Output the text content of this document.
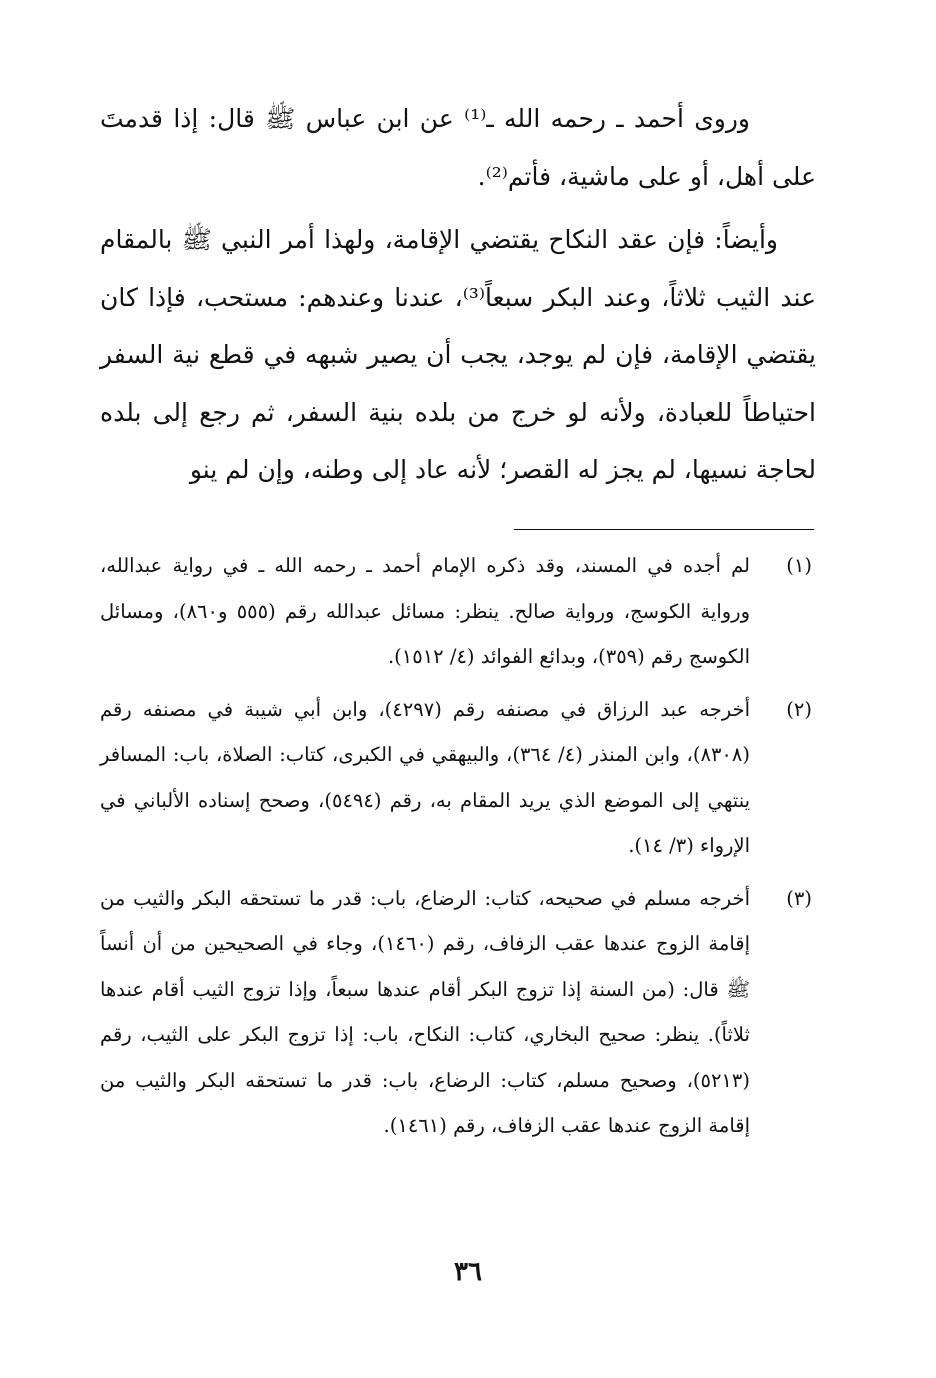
وروى أحمد ـ رحمه الله ـ⁽¹⁾ عن ابن عباس ﷺ قال: إذا قدمتَ على أهل، أو على ماشية، فأتم⁽²⁾.

وأيضاً: فإن عقد النكاح يقتضي الإقامة، ولهذا أمر النبي ﷺ بالمقام عند الثيب ثلاثاً، وعند البكر سبعاً⁽³⁾، عندنا وعندهم: مستحب، فإذا كان يقتضي الإقامة، فإن لم يوجد، يجب أن يصير شبهه في قطع نية السفر احتياطاً للعبادة، ولأنه لو خرج من بلده بنية السفر، ثم رجع إلى بلده لحاجة نسيها، لم يجز له القصر؛ لأنه عاد إلى وطنه، وإن لم ينو

(١)
لم أجده في المسند، وقد ذكره الإمام أحمد ـ رحمه الله ـ في رواية عبدالله، ورواية الكوسج، ورواية صالح. ينظر: مسائل عبدالله رقم (٥٥٥ و٨٦٠)، ومسائل الكوسج رقم (٣٥٩)، وبدائع الفوائد (٤/ ١٥١٢).
(٢)
أخرجه عبد الرزاق في مصنفه رقم (٤٢٩٧)، وابن أبي شيبة في مصنفه رقم (٨٣٠٨)، وابن المنذر (٤/ ٣٦٤)، والبيهقي في الكبرى، كتاب: الصلاة، باب: المسافر ينتهي إلى الموضع الذي يريد المقام به، رقم (٥٤٩٤)، وصحح إسناده الألباني في الإرواء (٣/ ١٤).
(٣)
أخرجه مسلم في صحيحه، كتاب: الرضاع، باب: قدر ما تستحقه البكر والثيب من إقامة الزوج عندها عقب الزفاف، رقم (١٤٦٠)، وجاء في الصحيحين من أن أنساً ﷺ قال: (من السنة إذا تزوج البكر أقام عندها سبعاً، وإذا تزوج الثيب أقام عندها ثلاثاً). ينظر: صحيح البخاري، كتاب: النكاح، باب: إذا تزوج البكر على الثيب، رقم (٥٢١٣)، وصحيح مسلم، كتاب: الرضاع، باب: قدر ما تستحقه البكر والثيب من إقامة الزوج عندها عقب الزفاف، رقم (١٤٦١).
٣٦
